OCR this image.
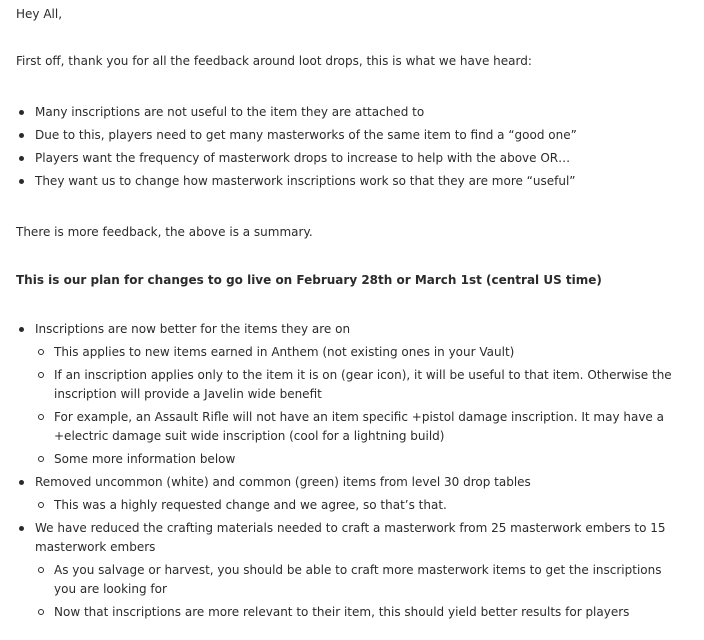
Hey All,

First off, thank you for all the feedback around loot drops, this is what we have heard:

Many inscriptions are not useful to the item they are attached to
Due to this, players need to get many masterworks of the same item to find a “good one”
Players want the frequency of masterwork drops to increase to help with the above OR…
They want us to change how masterwork inscriptions work so that they are more “useful”

There is more feedback, the above is a summary.

This is our plan for changes to go live on February 28th or March 1st (central US time)

Inscriptions are now better for the items they are on
This applies to new items earned in Anthem (not existing ones in your Vault)
If an inscription applies only to the item it is on (gear icon), it will be useful to that item. Otherwise the inscription will provide a Javelin wide benefit
For example, an Assault Rifle will not have an item specific +pistol damage inscription. It may have a +electric damage suit wide inscription (cool for a lightning build)
Some more information below
Removed uncommon (white) and common (green) items from level 30 drop tables
This was a highly requested change and we agree, so that’s that.
We have reduced the crafting materials needed to craft a masterwork from 25 masterwork embers to 15 masterwork embers
As you salvage or harvest, you should be able to craft more masterwork items to get the inscriptions you are looking for
Now that inscriptions are more relevant to their item, this should yield better results for players
